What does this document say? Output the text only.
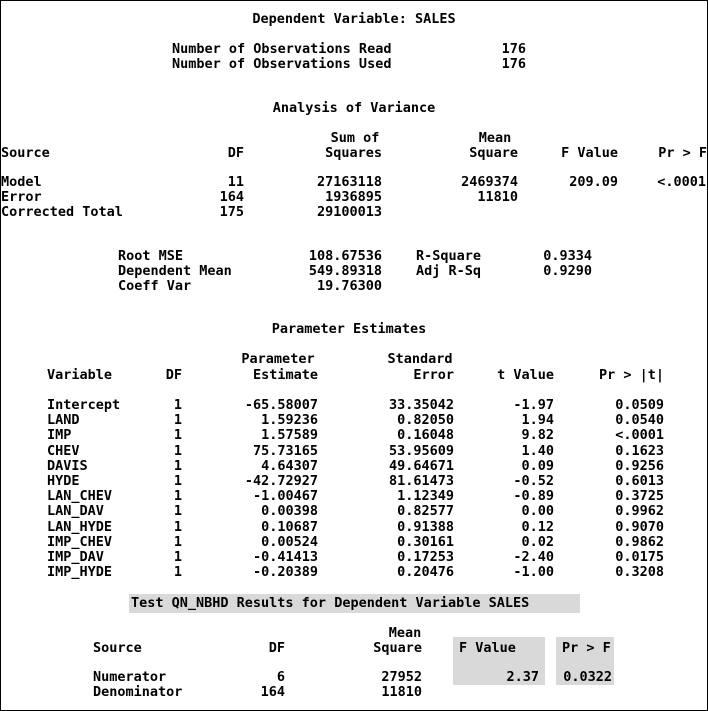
Dependent Variable: SALES
Number of Observations Read	176
Number of Observations Used	176
Analysis of Variance
Sum of	Mean
Source	DF	Squares	Square	F Value	Pr > F
Model	11	27163118	2469374	209.09	<.0001
Error	164	1936895	11810
Corrected Total	175	29100013
Root MSE	108.67536	R-Square	0.9334
Dependent Mean	549.89318	Adj R-Sq	0.9290
Coeff Var	19.76300
Parameter Estimates
Parameter	Standard
Variable	DF	Estimate	Error	t Value	Pr > |t|
Intercept	1	-65.58007	33.35042	-1.97	0.0509
LAND	1	1.59236	0.82050	1.94	0.0540
IMP	1	1.57589	0.16048	9.82	<.0001
CHEV	1	75.73165	53.95609	1.40	0.1623
DAVIS	1	4.64307	49.64671	0.09	0.9256
HYDE	1	-42.72927	81.61473	-0.52	0.6013
LAN_CHEV	1	-1.00467	1.12349	-0.89	0.3725
LAN_DAV	1	0.00398	0.82577	0.00	0.9962
LAN_HYDE	1	0.10687	0.91388	0.12	0.9070
IMP_CHEV	1	0.00524	0.30161	0.02	0.9862
IMP_DAV	1	-0.41413	0.17253	-2.40	0.0175
IMP_HYDE	1	-0.20389	0.20476	-1.00	0.3208
Test QN_NBHD Results for Dependent Variable SALES
Mean
Source	DF	Square	F Value	Pr > F
Numerator	6	27952	2.37	0.0322
Denominator	164	11810
